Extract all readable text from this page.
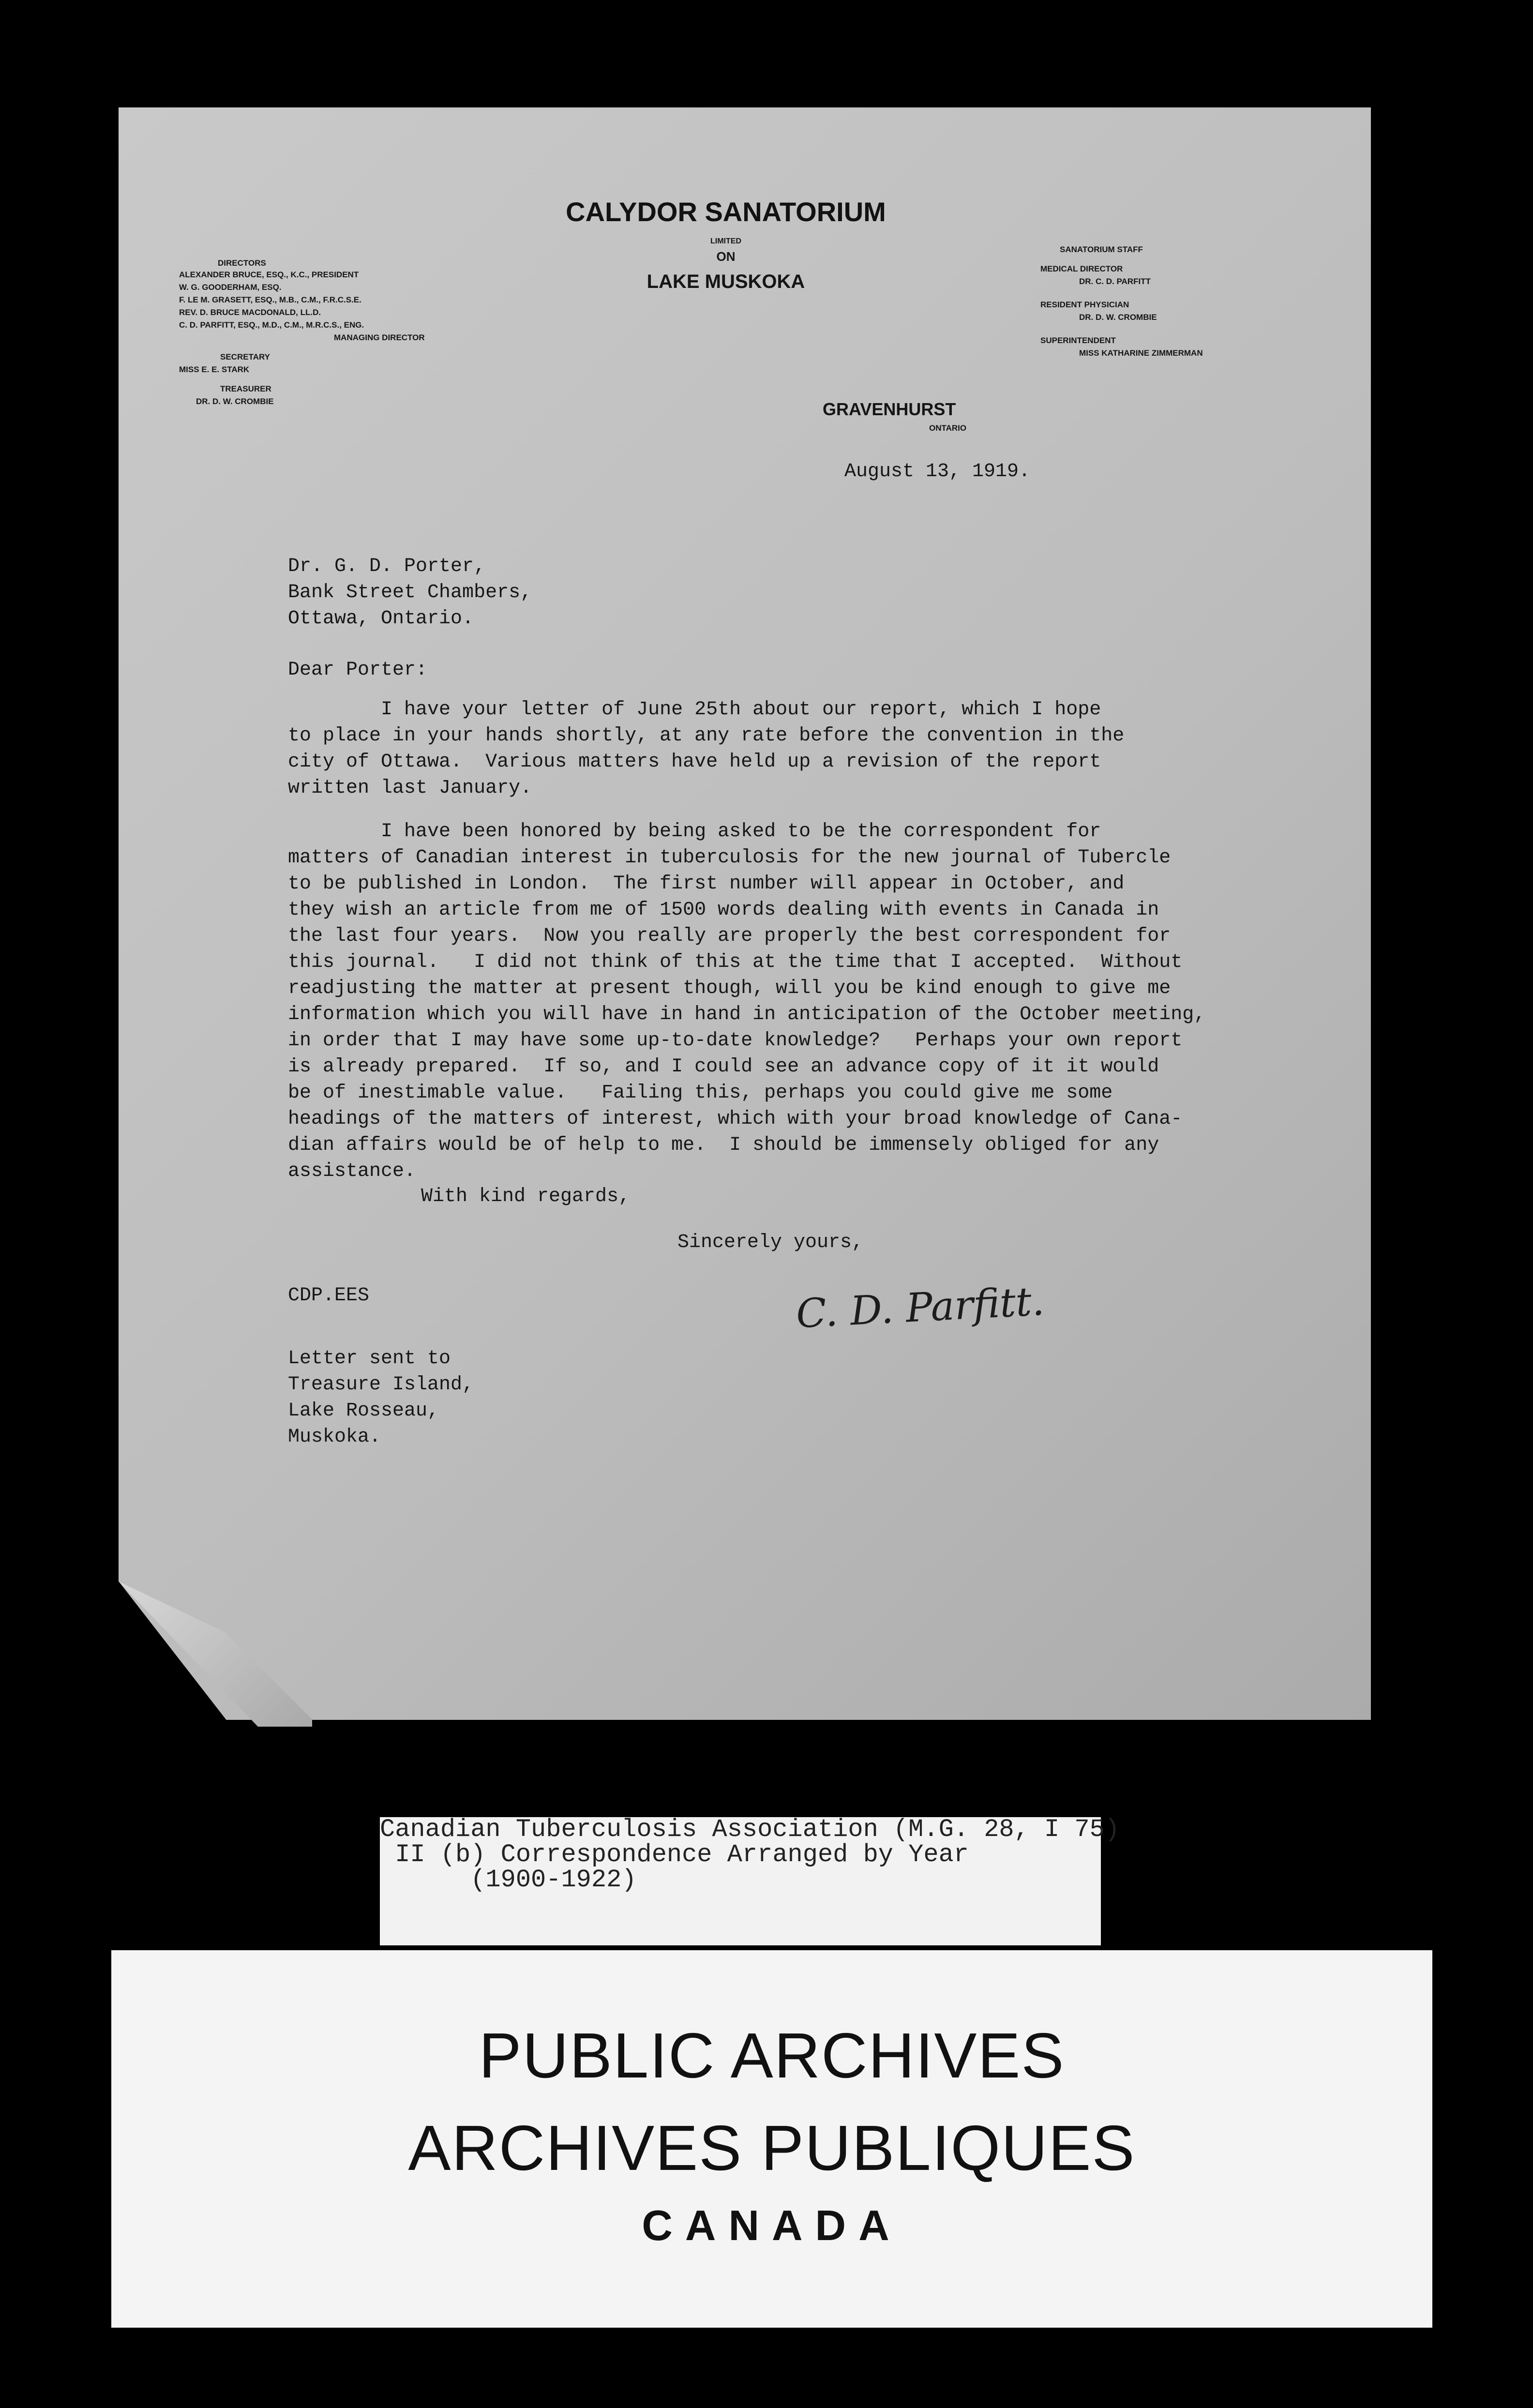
CALYDOR SANATORIUM
LIMITED
ON
LAKE MUSKOKA
DIRECTORS
ALEXANDER BRUCE, ESQ., K.C., PRESIDENT
W. G. GOODERHAM, ESQ.
F. LE M. GRASETT, ESQ., M.B., C.M., F.R.C.S.E.
REV. D. BRUCE MACDONALD, LL.D.
C. D. PARFITT, ESQ., M.D., C.M., M.R.C.S., ENG.
MANAGING DIRECTOR
SECRETARY
MISS E. E. STARK
TREASURER
DR. D. W. CROMBIE
SANATORIUM STAFF
MEDICAL DIRECTOR
DR. C. D. PARFITT
RESIDENT PHYSICIAN
DR. D. W. CROMBIE
SUPERINTENDENT
MISS KATHARINE ZIMMERMAN
GRAVENHURST
ONTARIO
August 13, 1919.
Dr. G. D. Porter,
Bank Street Chambers,
Ottawa, Ontario.
Dear Porter:
I have your letter of June 25th about our report, which I hope
to place in your hands shortly, at any rate before the convention in the
city of Ottawa.  Various matters have held up a revision of the report
written last January.
I have been honored by being asked to be the correspondent for
matters of Canadian interest in tuberculosis for the new journal of Tubercle
to be published in London.  The first number will appear in October, and
they wish an article from me of 1500 words dealing with events in Canada in
the last four years.  Now you really are properly the best correspondent for
this journal.   I did not think of this at the time that I accepted.  Without
readjusting the matter at present though, will you be kind enough to give me
information which you will have in hand in anticipation of the October meeting,
in order that I may have some up-to-date knowledge?   Perhaps your own report
is already prepared.  If so, and I could see an advance copy of it it would
be of inestimable value.   Failing this, perhaps you could give me some
headings of the matters of interest, which with your broad knowledge of Cana-
dian affairs would be of help to me.  I should be immensely obliged for any
assistance.
With kind regards,
Sincerely yours,
C. D. Parfitt.
CDP.EES
Letter sent to
Treasure Island,
Lake Rosseau,
Muskoka.
Canadian Tuberculosis Association (M.G. 28, I 75)
II (b) Correspondence Arranged by Year
(1900-1922)
PUBLIC ARCHIVES
ARCHIVES PUBLIQUES
CANADA
